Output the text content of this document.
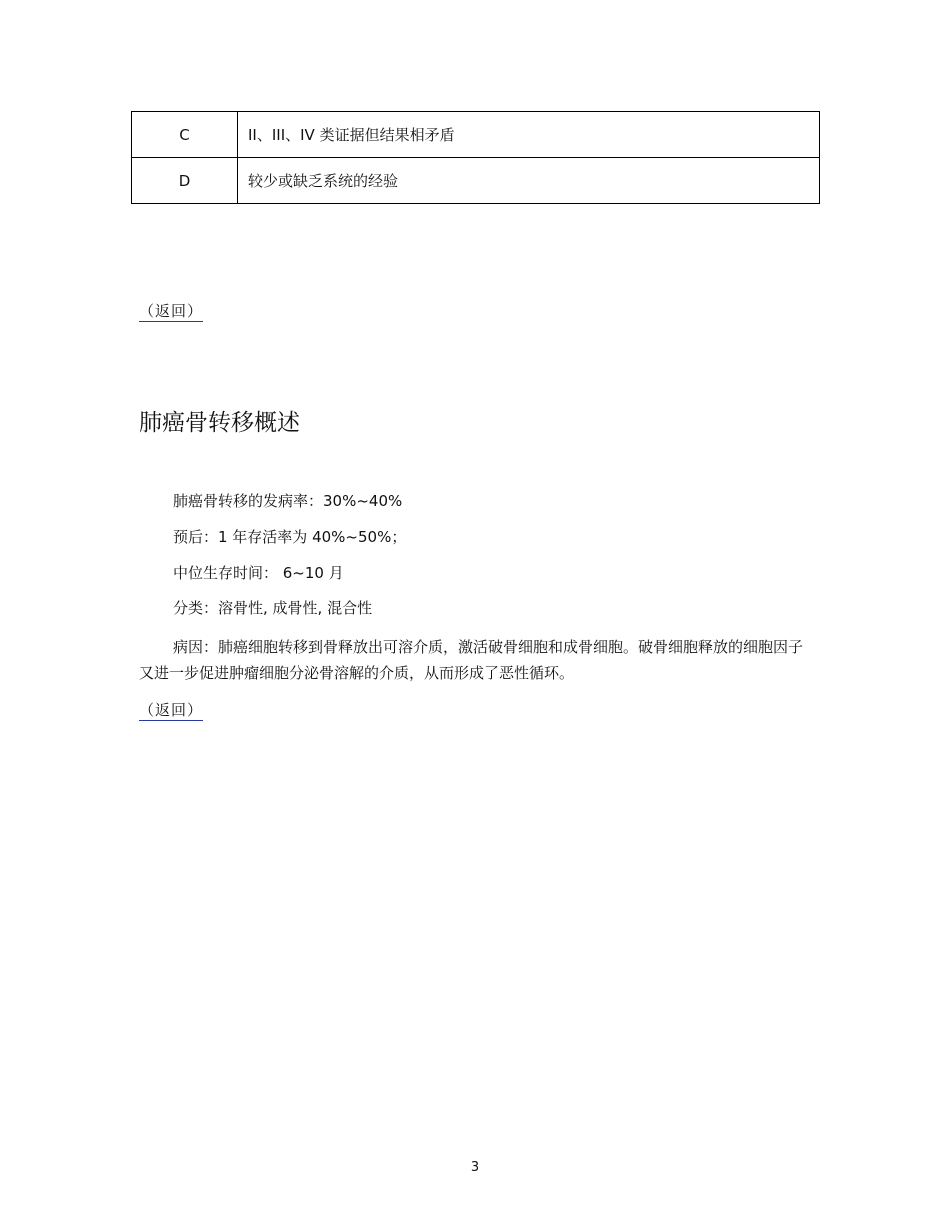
C	II、III、IV 类证据但结果相矛盾
D	较少或缺乏系统的经验
（返回）
肺癌骨转移概述
肺癌骨转移的发病率：30%~40%
预后：1 年存活率为 40%~50%；
中位生存时间： 6~10 月
分类：溶骨性, 成骨性, 混合性

病因：肺癌细胞转移到骨释放出可溶介质，激活破骨细胞和成骨细胞。破骨细胞释放的细胞因子又进一步促进肿瘤细胞分泌骨溶解的介质，从而形成了恶性循环。

（返回）
3
